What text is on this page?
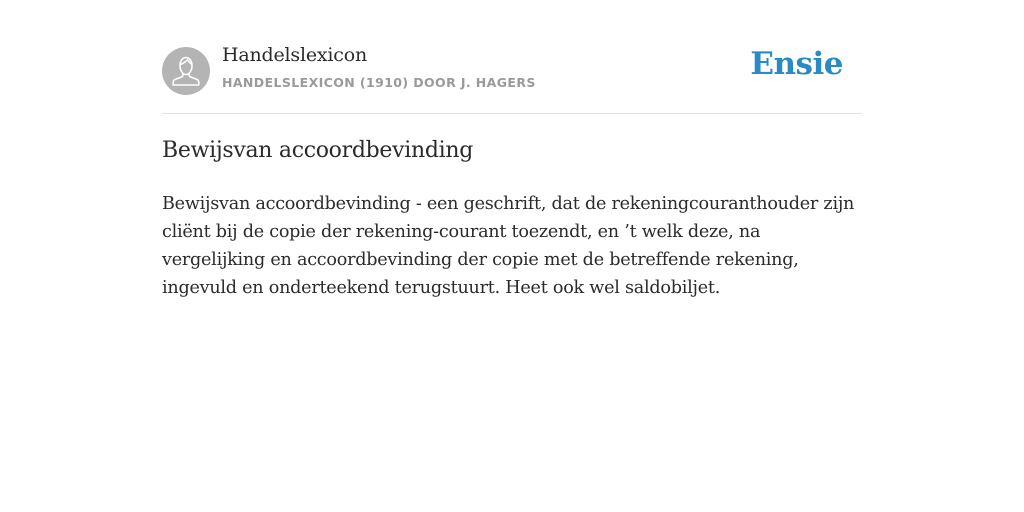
Handelslexicon
HANDELSLEXICON (1910) DOOR J. HAGERS
Ensie
Bewijsvan accoordbevinding

Bewijsvan accoordbevinding - een geschrift, dat de rekeningcouranthouder zijn cliënt bij de copie der rekening-courant toezendt, en ’t welk deze, na vergelijking en accoordbevinding der copie met de betreffende rekening, ingevuld en onderteekend terugstuurt. Heet ook wel saldobiljet.
